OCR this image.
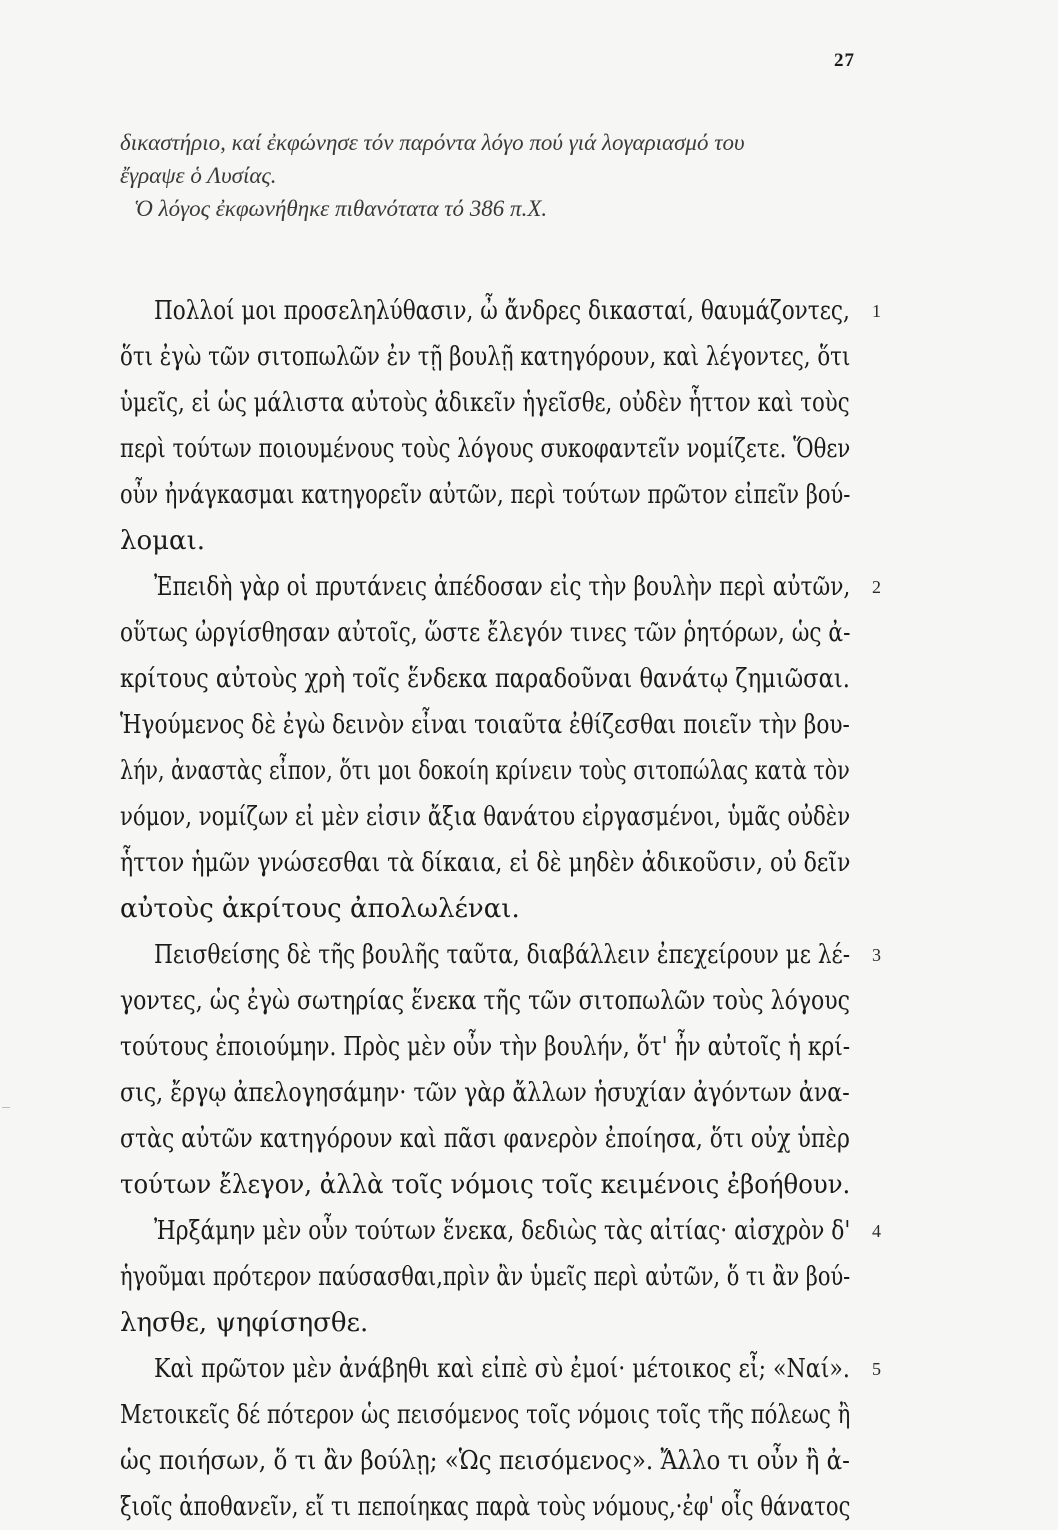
27
δικαστήριο, καί ἐκφώνησε τόν παρόντα λόγο πού γιά λογαριασμό του
ἔγραψε ὁ Λυσίας.
Ὁ λόγος ἐκφωνήθηκε πιθανότατα τό 386 π.Χ.
Πολλοί μοι προσεληλύθασιν, ὦ ἄνδρες δικασταί, θαυμάζοντες, 1
ὅτι ἐγὼ τῶν σιτοπωλῶν ἐν τῇ βουλῇ κατηγόρουν, καὶ λέγοντες, ὅτι
ὑμεῖς, εἰ ὡς μάλιστα αὐτοὺς ἀδικεῖν ἡγεῖσθε, οὐδὲν ἧττον καὶ τοὺς
περὶ τούτων ποιουμένους τοὺς λόγους συκοφαντεῖν νομίζετε. Ὅθεν
οὖν ἠνάγκασμαι κατηγορεῖν αὐτῶν, περὶ τούτων πρῶτον εἰπεῖν βού-
λομαι.
Ἐπειδὴ γὰρ οἱ πρυτάνεις ἀπέδοσαν εἰς τὴν βουλὴν περὶ αὐτῶν, 2
οὕτως ὠργίσθησαν αὐτοῖς, ὥστε ἔλεγόν τινες τῶν ῥητόρων, ὡς ἀ-
κρίτους αὐτοὺς χρὴ τοῖς ἕνδεκα παραδοῦναι θανάτῳ ζημιῶσαι.
Ἡγούμενος δὲ ἐγὼ δεινὸν εἶναι τοιαῦτα ἐθίζεσθαι ποιεῖν τὴν βου-
λήν, ἀναστὰς εἶπον, ὅτι μοι δοκοίη κρίνειν τοὺς σιτοπώλας κατὰ τὸν
νόμον, νομίζων εἰ μὲν εἰσιν ἄξια θανάτου εἰργασμένοι, ὑμᾶς οὐδὲν
ἧττον ἡμῶν γνώσεσθαι τὰ δίκαια, εἰ δὲ μηδὲν ἀδικοῦσιν, οὐ δεῖν
αὐτοὺς ἀκρίτους ἀπολωλέναι.
Πεισθείσης δὲ τῆς βουλῆς ταῦτα, διαβάλλειν ἐπεχείρουν με λέ- 3
γοντες, ὡς ἐγὼ σωτηρίας ἕνεκα τῆς τῶν σιτοπωλῶν τοὺς λόγους
τούτους ἐποιούμην. Πρὸς μὲν οὖν τὴν βουλήν, ὅτ' ἦν αὐτοῖς ἡ κρί-
σις, ἔργῳ ἀπελογησάμην· τῶν γὰρ ἄλλων ἡσυχίαν ἀγόντων ἀνα-
στὰς αὐτῶν κατηγόρουν καὶ πᾶσι φανερὸν ἐποίησα, ὅτι οὐχ ὑπὲρ
τούτων ἔλεγον, ἀλλὰ τοῖς νόμοις τοῖς κειμένοις ἐβοήθουν.
Ἠρξάμην μὲν οὖν τούτων ἕνεκα, δεδιὼς τὰς αἰτίας· αἰσχρὸν δ' 4
ἡγοῦμαι πρότερον παύσασθαι,πρὶν ἂν ὑμεῖς περὶ αὐτῶν, ὅ τι ἂν βού-
λησθε, ψηφίσησθε.
Καὶ πρῶτον μὲν ἀνάβηθι καὶ εἰπὲ σὺ ἐμοί· μέτοικος εἶ; «Ναί». 5
Μετοικεῖς δέ πότερον ὡς πεισόμενος τοῖς νόμοις τοῖς τῆς πόλεως ἢ
ὡς ποιήσων, ὅ τι ἂν βούλῃ; «Ὡς πεισόμενος». Ἄλλο τι οὖν ἢ ἀ-
ξιοῖς ἀποθανεῖν, εἴ τι πεποίηκας παρὰ τοὺς νόμους,·ἐφ' οἷς θάνατος
